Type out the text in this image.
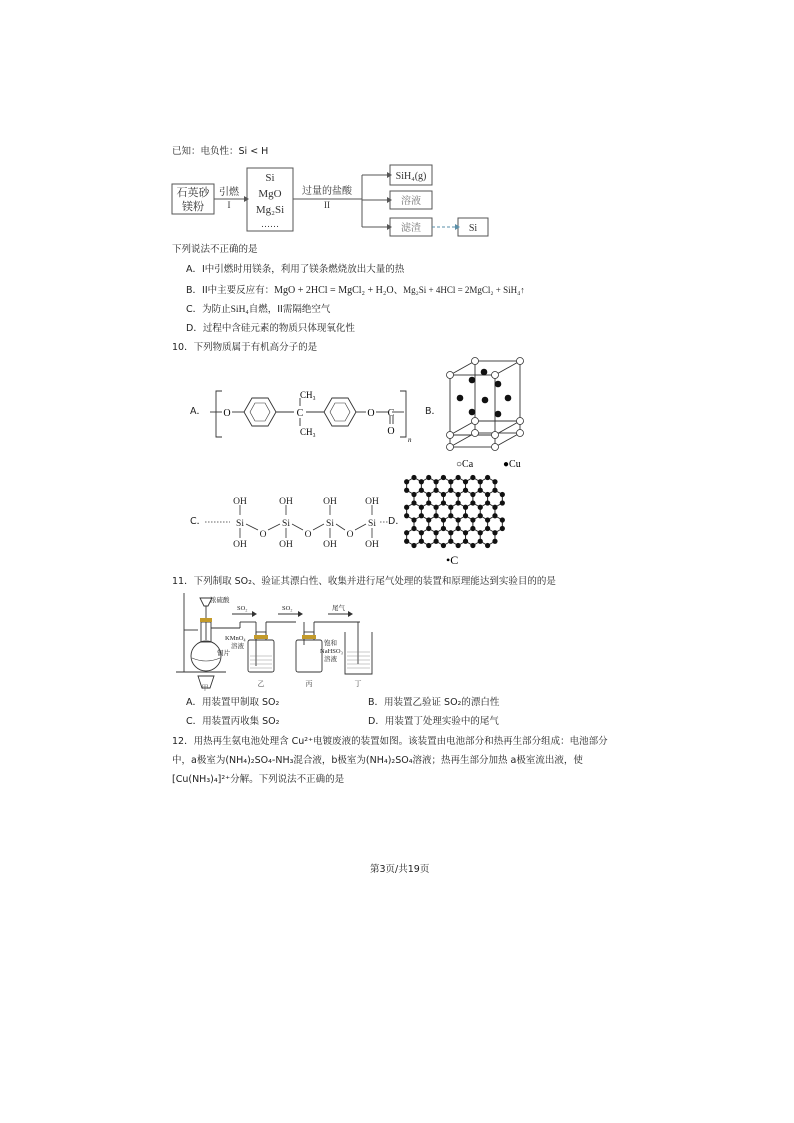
已知：电负性：Si < H
石英砂
镁粉
引燃
I
Si
MgO
Mg₂Si
……
过量的盐酸
II
SiH₄(g)
溶液
滤渣	Si
下列说法不正确的是
A．I中引燃时用镁条，利用了镁条燃烧放出大量的热
B．II中主要反应有：MgO + 2HCl = MgCl₂ + H₂O、Mg₂Si + 4HCl = 2MgCl₂ + SiH₄↑
C．为防止SiH₄自燃，II需隔绝空气
D．过程中含硅元素的物质只体现氧化性
10．下列物质属于有机高分子的是
A． O
CH₃
C
CH₃
O C
O
n
B．
○Ca	●Cu
C．
OH
Si
OH
O
OH
Si
OH
O
OH
Si
OH
O
OH
Si
OH
D．
•C
11．下列制取 SO₂、验证其漂白性、收集并进行尾气处理的装置和原理能达到实验目的的是
浓硫酸
铜片
KMnO₄
溶液
SO₂	SO₂	尾气
饱和
NaHSO₃
溶液
甲	乙	丙	丁
A．用装置甲制取 SO₂	B．用装置乙验证 SO₂的漂白性
C．用装置丙收集 SO₂	D．用装置丁处理实验中的尾气
12．用热再生氨电池处理含 Cu²⁺电镀废液的装置如图。该装置由电池部分和热再生部分组成：电池部分
中，a极室为(NH₄)₂SO₄-NH₃混合液，b极室为(NH₄)₂SO₄溶液；热再生部分加热 a极室流出液，使
[Cu(NH₃)₄]²⁺分解。下列说法不正确的是
第3页/共19页
